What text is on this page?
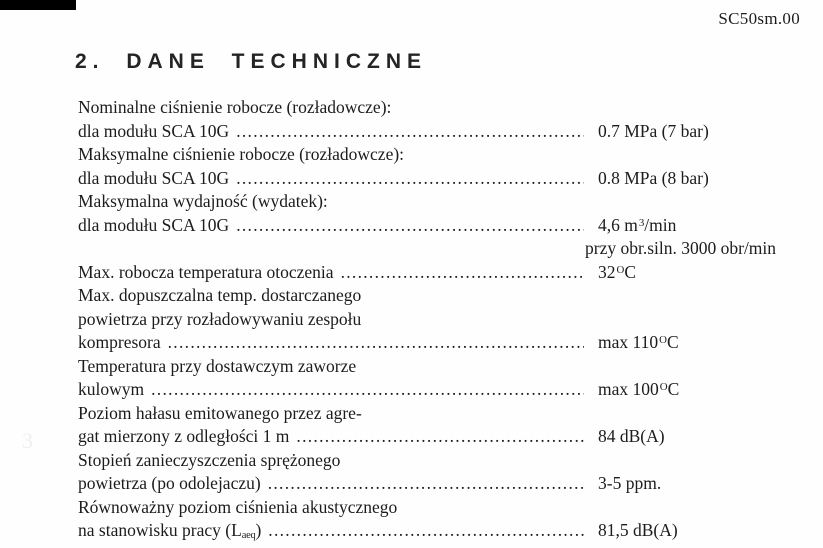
SC50sm.00
2. DANE TECHNICZNE
3
Nominalne ciśnienie robocze (rozładowcze):
dla modułu SCA 10G .....	0.7 MPa (7 bar)
Maksymalne ciśnienie robocze (rozładowcze):
dla modułu SCA 10G .....	0.8 MPa (8 bar)
Maksymalna wydajność (wydatek):
dla modułu SCA 10G .....	4,6 $m^3/\min$
przy obr.siln. 3000 obr/min
Max. robocza temperatura otoczenia .....	$32^OC$
Max. dopuszczalna temp. dostarczanego
powietrza przy rozładowywaniu zespołu
kompresora .....	$\max 110^OC$
Temperatura przy dostawczym zaworze
kulowym .....	$\max 100^OC$
Poziom hałasu emitowanego przez agre-
gat mierzony z odległości 1 m .....	84 dB(A)
Stopień zanieczyszczenia sprężonego
powietrza (po odolejaczu) .....	3-5 ppm.
Równoważny poziom ciśnienia akustycznego
na stanowisku pracy (Laeq) .....	81,5 dB(A)
